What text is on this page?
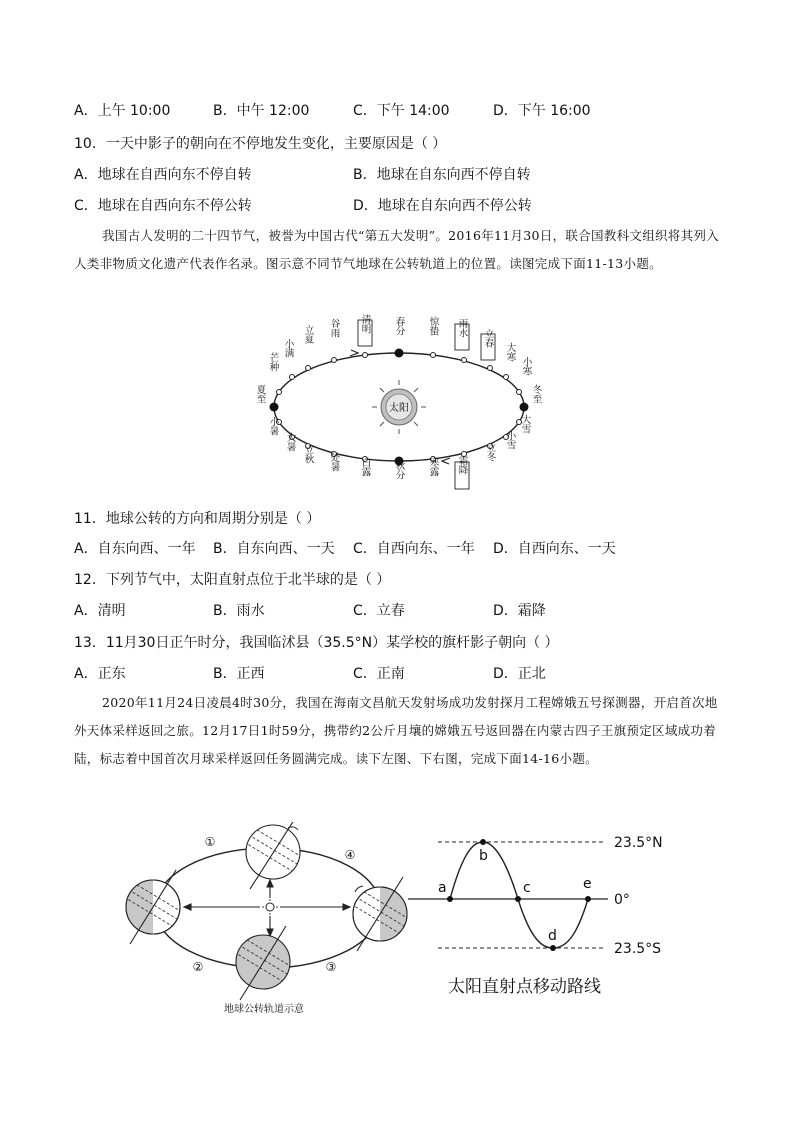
A．上午 10:00	B．中午 12:00	C．下午 14:00	D．下午 16:00
10．一天中影子的朝向在不停地发生变化，主要原因是（ ）
A．地球在自西向东不停自转	B．地球在自东向西不停自转
C．地球在自西向东不停公转	D．地球在自东向西不停公转
我国古人发明的二十四节气，被誉为中国古代“第五大发明”。2016年11月30日，联合国教科文组织将其列入人类非物质文化遗产代表作名录。图示意不同节气地球在公转轨道上的位置。读图完成下面11-13小题。
太阳
春分 惊蛰 雨水
立春
大寒
小寒
冬至
大雪
小雪
立冬
霜降
寒露
秋分
白露
处暑
立秋
大暑
小暑
夏至
芒种
小满
立夏 谷雨 清明
11．地球公转的方向和周期分别是（ ）
A．自东向西、一年 B．自东向西、一天 C．自西向东、一年 D．自西向东、一天
12．下列节气中，太阳直射点位于北半球的是（ ）
A．清明	B．雨水	C．立春	D．霜降
13．11月30日正午时分，我国临沭县（35.5°N）某学校的旗杆影子朝向（ ）
A．正东	B．正西	C．正南	D．正北
2020年11月24日凌晨4时30分，我国在海南文昌航天发射场成功发射探月工程嫦娥五号探测器，开启首次地外天体采样返回之旅。12月17日1时59分，携带约2公斤月壤的嫦娥五号返回器在内蒙古四子王旗预定区域成功着陆，标志着中国首次月球采样返回任务圆满完成。读下左图、下右图，完成下面14-16小题。
①
②	③
④
地球公转轨道示意
a
b
c
d
e
23.5°N
0°
23.5°S
太阳直射点移动路线
